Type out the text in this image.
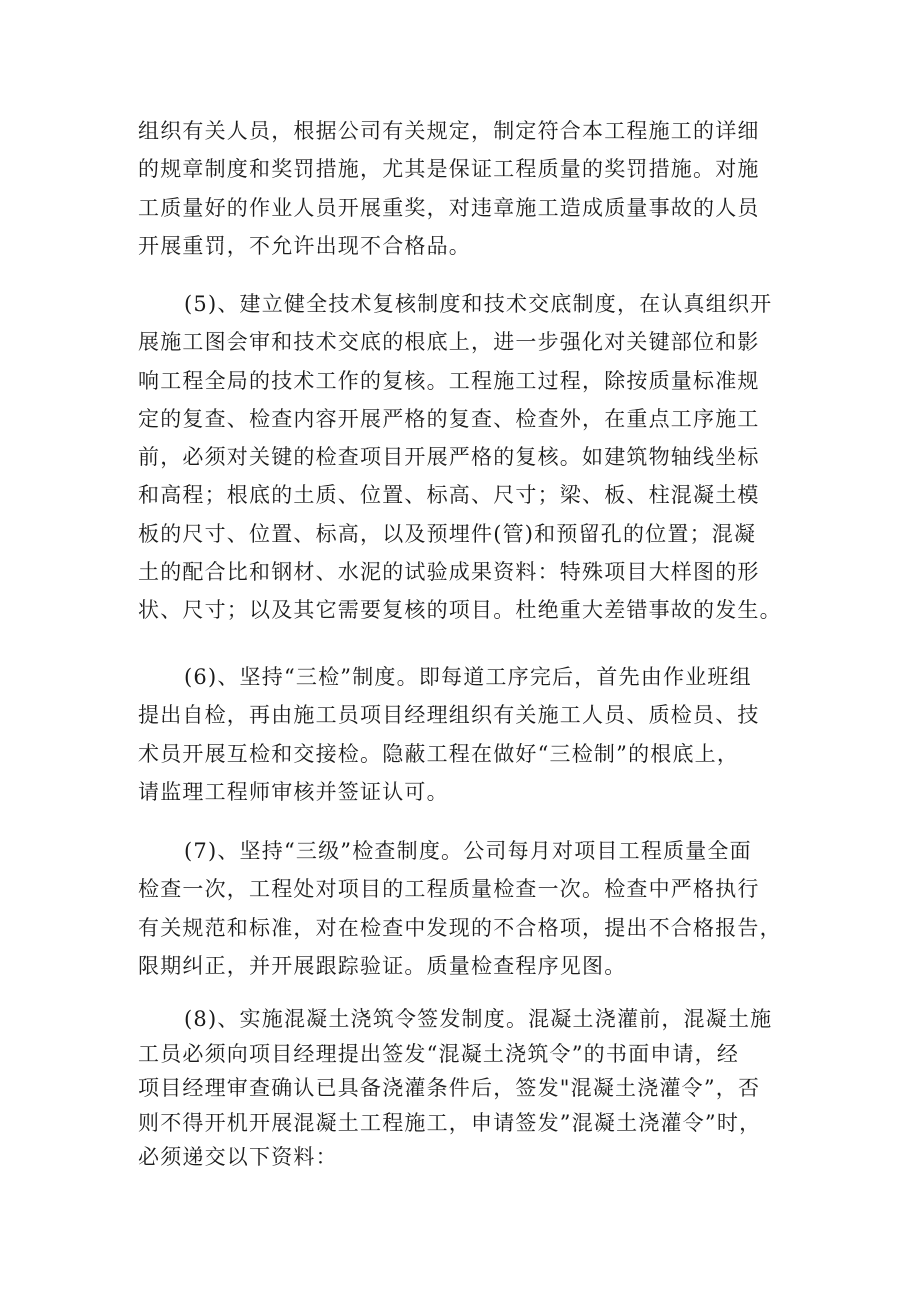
组织有关人员，根据公司有关规定，制定符合本工程施工的详细
的规章制度和奖罚措施，尤其是保证工程质量的奖罚措施。对施
工质量好的作业人员开展重奖，对违章施工造成质量事故的人员
开展重罚，不允许出现不合格品。
(5)、建立健全技术复核制度和技术交底制度，在认真组织开
展施工图会审和技术交底的根底上，进一步强化对关键部位和影
响工程全局的技术工作的复核。工程施工过程，除按质量标准规
定的复查、检查内容开展严格的复查、检查外，在重点工序施工
前，必须对关键的检查项目开展严格的复核。如建筑物轴线坐标
和高程；根底的土质、位置、标高、尺寸；梁、板、柱混凝土模
板的尺寸、位置、标高，以及预埋件(管)和预留孔的位置；混凝
土的配合比和钢材、水泥的试验成果资料：特殊项目大样图的形
状、尺寸；以及其它需要复核的项目。杜绝重大差错事故的发生。
(6)、坚持“三检”制度。即每道工序完后，首先由作业班组
提出自检，再由施工员项目经理组织有关施工人员、质检员、技
术员开展互检和交接检。隐蔽工程在做好“三检制”的根底上，
请监理工程师审核并签证认可。
(7)、坚持“三级”检查制度。公司每月对项目工程质量全面
检查一次，工程处对项目的工程质量检查一次。检查中严格执行
有关规范和标准，对在检查中发现的不合格项，提出不合格报告，
限期纠正，并开展跟踪验证。质量检查程序见图。
(8)、实施混凝土浇筑令签发制度。混凝土浇灌前，混凝土施
工员必须向项目经理提出签发“混凝土浇筑令”的书面申请，经
项目经理审查确认已具备浇灌条件后，签发"混凝土浇灌令”，否
则不得开机开展混凝土工程施工，申请签发”混凝土浇灌令”时，
必须递交以下资料：
